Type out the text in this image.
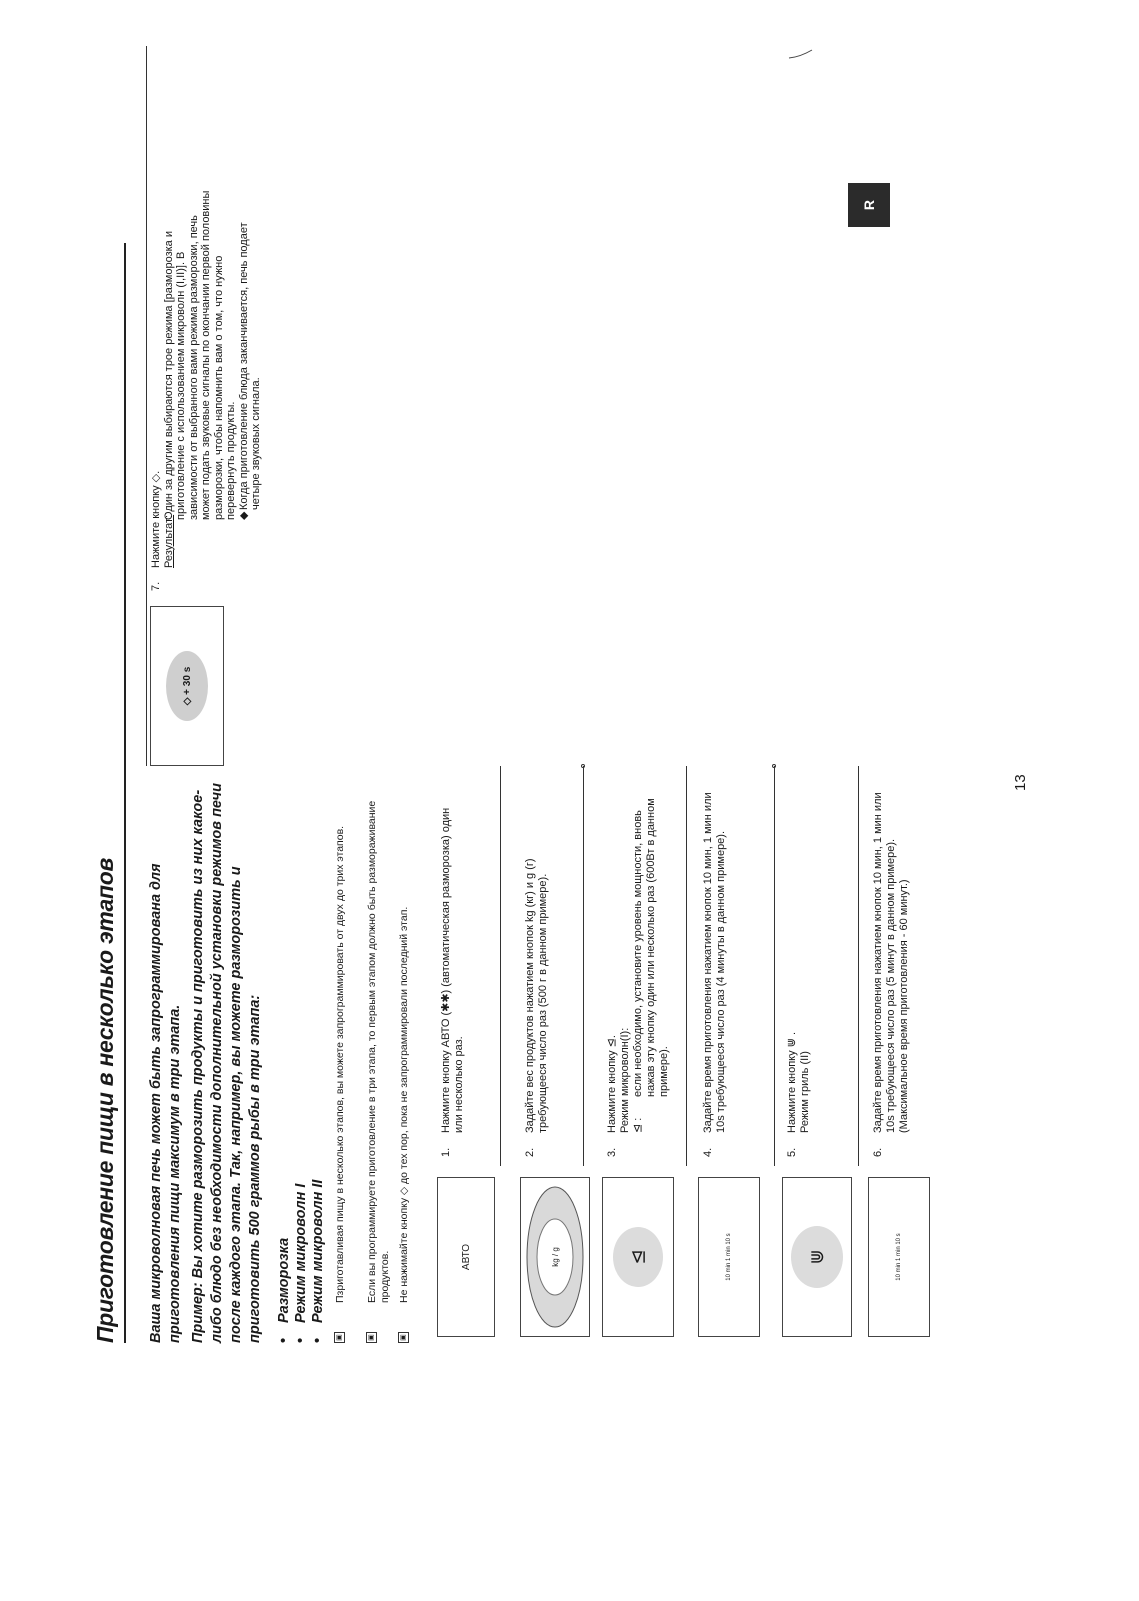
Приготовление пищи в несколько этапов Ваша микроволновая печь может быть запрограммирована для приготовления пищи максимум в три этапа. Пример: Вы хотите разморозить продукты и приготовить из них какое-либо блюдо без необходимости дополнительной установки режимов печи после каждого этапа. Так, например, вы можете разморозить и приготовить 500 граммов рыбы в три этапа: • Разморозка • Режим микроволн I • Режим микроволн II
▣
Пзриготавливая пищу в несколько этапов, вы можете запрограммировать от двух до трих этапов.
▣
Если вы программируете приготовление в три этапа, то первым этапом должно быть размораживание продуктов.
▣
Не нажимайте кнопку ◇ до тех пор, пока не запрограммировали последний этап.	АВТО
1.
Нажмите кнопку АВТО (✱✱) (автоматическая разморозка) один или несколько раз.
kg / g
2.
Задайте вес продуктов нажатием кнопок kg (кг) и g (г) требующееся число раз (500 г в данном примере).
⊴
3.
Нажмите кнопку ⊴. Режим микроволн(I): ⊴ :
если необходимо, установите уровень мощности, вновь нажав эту кнопку один или несколько раз (600Вт в данном примере).
10 min 1 min 10 s
4.
Задайте время приготовления нажатием кнопок 10 мин, 1 мин или 10s требующееся число раз (4 минуты в данном примере).
⋓
5.
Нажмите кнопку ⋓ . Режим гриль (II)
10 min 1 min 10 s
6.
Задайте время приготовления нажатием кнопок 10 мин, 1 мин или 10s требующееся число раз (5 минут в данном примере). (Максимальное время приготовления - 60 минут.)
◇ + 30 s
7.
Нажмите кнопку ◇. Результат:
Один за другим выбираются трое режима [разморозка и приготовление с использованием микроволн (I,II)]. В зависимости от выбранного вами режима разморозки, печь может подать звуковые сигналы по окончании первой половины разморозки, чтобы напомнить вам о том, что нужно перевернуть продукты. ◆
Когда приготовление блюда заканчивается, печь подает четыре звуковых сигнала.
13
R
